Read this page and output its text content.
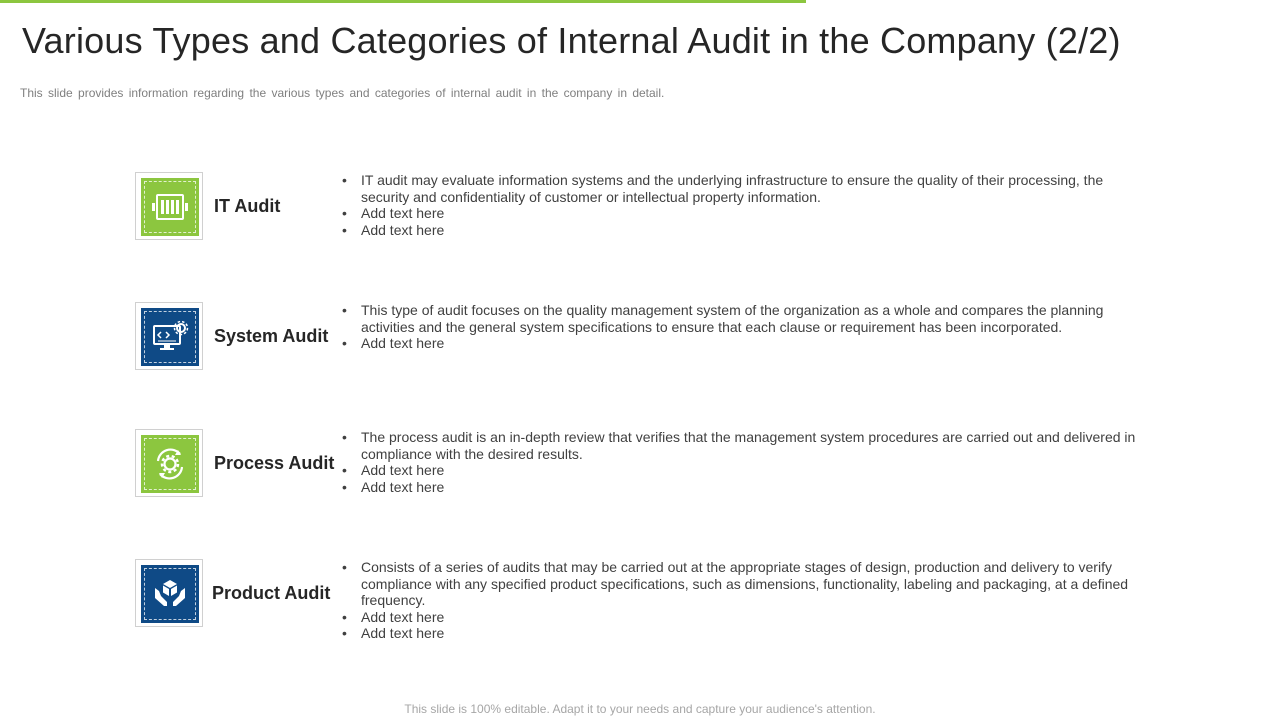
Various Types and Categories of Internal Audit in the Company (2/2)

This slide provides information regarding the various types and categories of internal audit in the company in detail.

IT Audit
• IT audit may evaluate information systems and the underlying infrastructure to ensure the quality of their processing, the security and confidentiality of customer or intellectual property information.
• Add text here
• Add text here
System Audit
• This type of audit focuses on the quality management system of the organization as a whole and compares the planning activities and the general system specifications to ensure that each clause or requirement has been incorporated.
• Add text here
Process Audit
• The process audit is an in-depth review that verifies that the management system procedures are carried out and delivered in compliance with the desired results.
• Add text here
• Add text here
Product Audit
• Consists of a series of audits that may be carried out at the appropriate stages of design, production and delivery to verify compliance with any specified product specifications, such as dimensions, functionality, labeling and packaging, at a defined frequency.
• Add text here
• Add text here
This slide is 100% editable. Adapt it to your needs and capture your audience's attention.
